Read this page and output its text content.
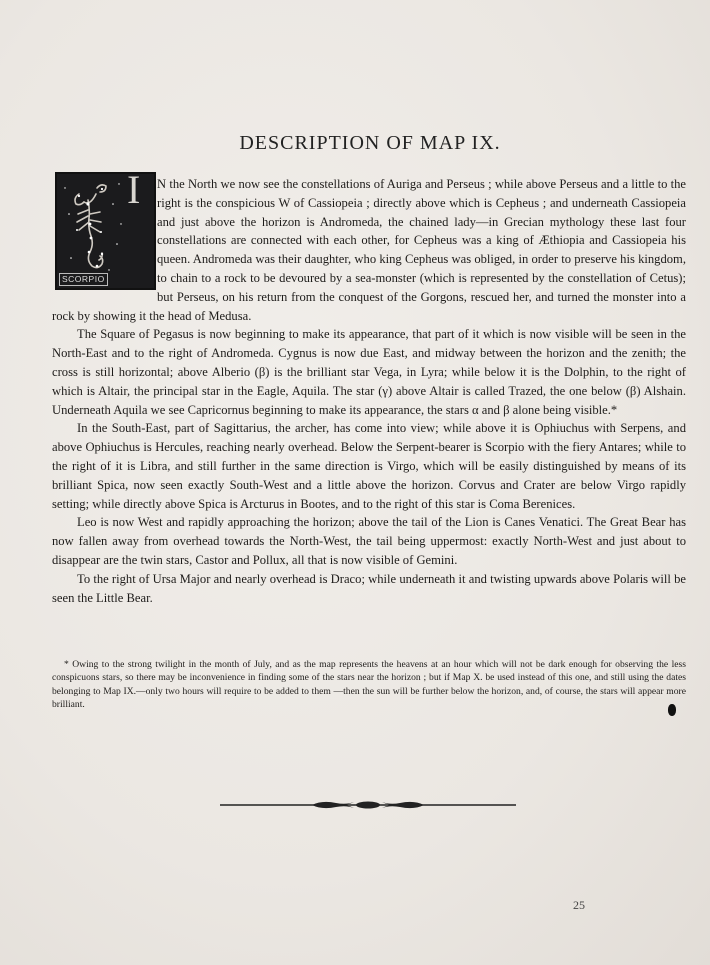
DESCRIPTION OF MAP IX.
I
SCORPIO

N the North we now see the constellations of Auriga and Perseus ; while above Perseus and a little to the right is the conspicious W of Cassiopeia ; directly above which is Cepheus ; and underneath Cassiopeia and just above the horizon is Andromeda, the chained lady—in Grecian mythology these last four constellations are connected with each other, for Cepheus was a king of Æthiopia and Cassiopeia his queen. Andromeda was their daughter, who king Cepheus was obliged, in order to preserve his kingdom, to chain to a rock to be devoured by a sea-monster (which is represented by the constellation of Cetus); but Perseus, on his return from the conquest of the Gorgons, rescued her, and turned the monster into a rock by showing it the head of Medusa.

The Square of Pegasus is now beginning to make its appearance, that part of it which is now visible will be seen in the North-East and to the right of Andromeda. Cygnus is now due East, and midway between the horizon and the zenith; the cross is still horizontal; above Alberio (β) is the brilliant star Vega, in Lyra; while below it is the Dolphin, to the right of which is Altair, the principal star in the Eagle, Aquila. The star (γ) above Altair is called Trazed, the one below (β) Alshain. Underneath Aquila we see Capricornus beginning to make its appearance, the stars α and β alone being visible.*

In the South-East, part of Sagittarius, the archer, has come into view; while above it is Ophiuchus with Serpens, and above Ophiuchus is Hercules, reaching nearly overhead. Below the Serpent-bearer is Scorpio with the fiery Antares; while to the right of it is Libra, and still further in the same direction is Virgo, which will be easily distinguished by means of its brilliant Spica, now seen exactly South-West and a little above the horizon. Corvus and Crater are below Virgo rapidly setting; while directly above Spica is Arcturus in Bootes, and to the right of this star is Coma Berenices.

Leo is now West and rapidly approaching the horizon; above the tail of the Lion is Canes Venatici. The Great Bear has now fallen away from overhead towards the North-West, the tail being uppermost: exactly North-West and just about to disappear are the twin stars, Castor and Pollux, all that is now visible of Gemini.

To the right of Ursa Major and nearly overhead is Draco; while underneath it and twisting upwards above Polaris will be seen the Little Bear.

* Owing to the strong twilight in the month of July, and as the map represents the heavens at an hour which will not be dark enough for observing the less conspicuons stars, so there may be inconvenience in finding some of the stars near the horizon ; but if Map X. be used instead of this one, and still using the dates belonging to Map IX.—only two hours will require to be added to them —then the sun will be further below the horizon, and, of course, the stars will appear more brilliant.

25
